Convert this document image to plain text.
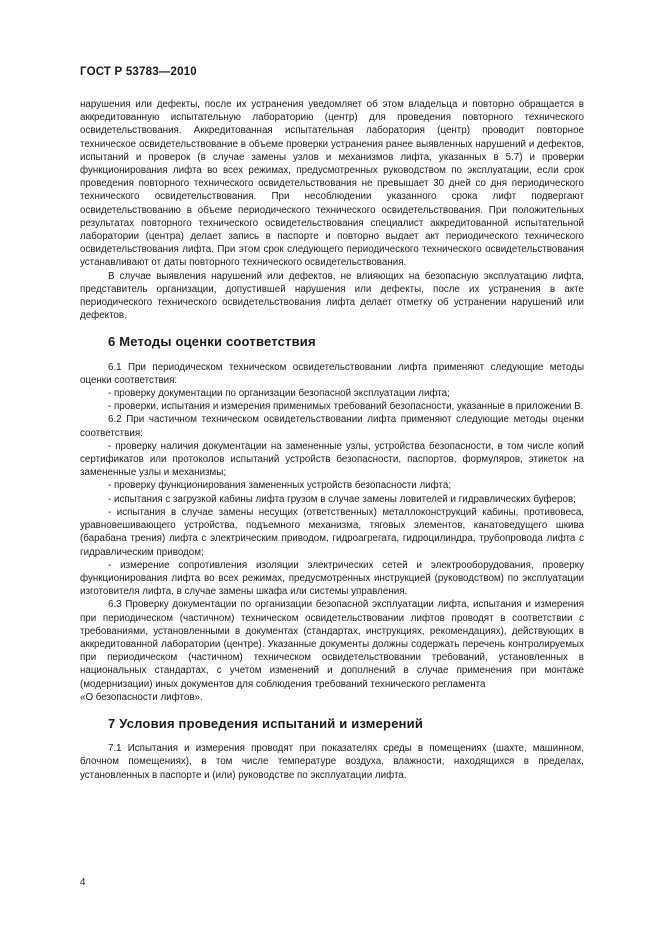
ГОСТ Р 53783—2010

нарушения или дефекты, после их устранения уведомляет об этом владельца и повторно обращается в аккредитованную испытательную лабораторию (центр) для проведения повторного технического освидетельствования. Аккредитованная испытательная лаборатория (центр) проводит повторное техническое освидетельствование в объеме проверки устранения ранее выявленных нарушений и дефектов, испытаний и проверок (в случае замены узлов и механизмов лифта, указанных в 5.7) и проверки функционирования лифта во всех режимах, предусмотренных руководством по эксплуатации, если срок проведения повторного технического освидетельствования не превышает 30 дней со дня периодического технического освидетельствования. При несоблюдении указанного срока лифт подвергают освидетельствованию в объеме периодического технического освидетельствования. При положительных результатах повторного технического освидетельствования специалист аккредитованной испытательной лаборатории (центра) делает запись в паспорте и повторно выдает акт периодического технического освидетельствования лифта. При этом срок следующего периодического технического освидетельствования устанавливают от даты повторного технического освидетельствования.

В случае выявления нарушений или дефектов, не влияющих на безопасную эксплуатацию лифта, представитель организации, допустившей нарушения или дефекты, после их устранения в акте периодического технического освидетельствования лифта делает отметку об устранении нарушений или дефектов.

6 Методы оценки соответствия

6.1 При периодическом техническом освидетельствовании лифта применяют следующие методы оценки соответствия:

- проверку документации по организации безопасной эксплуатации лифта;

- проверки, испытания и измерения применимых требований безопасности, указанные в приложении В.

6.2 При частичном техническом освидетельствовании лифта применяют следующие методы оценки соответствия:

- проверку наличия документации на замененные узлы, устройства безопасности, в том числе копий сертификатов или протоколов испытаний устройств безопасности, паспортов, формуляров, этикеток на замененные узлы и механизмы;

- проверку функционирования замененных устройств безопасности лифта;

- испытания с загрузкой кабины лифта грузом в случае замены ловителей и гидравлических буферов;

- испытания в случае замены несущих (ответственных) металлоконструкций кабины, противовеса, уравновешивающего устройства, подъемного механизма, тяговых элементов, канатоведущего шкива (барабана трения) лифта с электрическим приводом, гидроагрегата, гидроцилиндра, трубопровода лифта с гидравлическим приводом;

- измерение сопротивления изоляции электрических сетей и электрооборудования, проверку функционирования лифта во всех режимах, предусмотренных инструкцией (руководством) по эксплуатации изготовителя лифта, в случае замены шкафа или системы управления.

6.3 Проверку документации по организации безопасной эксплуатации лифта, испытания и измерения при периодическом (частичном) техническом освидетельствовании лифтов проводят в соответствии с требованиями, установленными в документах (стандартах, инструкциях, рекомендациях), действующих в аккредитованной лаборатории (центре). Указанные документы должны содержать перечень контролируемых при периодическом (частичном) техническом освидетельствовании требований, установленных в национальных стандартах, с учетом изменений и дополнений в случае применения при монтаже (модернизации) иных документов для соблюдения требований технического регламента

«О безопасности лифтов».

7 Условия проведения испытаний и измерений

7.1 Испытания и измерения проводят при показателях среды в помещениях (шахте, машинном, блочном помещениях), в том числе температуре воздуха, влажности, находящихся в пределах, установленных в паспорте и (или) руководстве по эксплуатации лифта.

4
